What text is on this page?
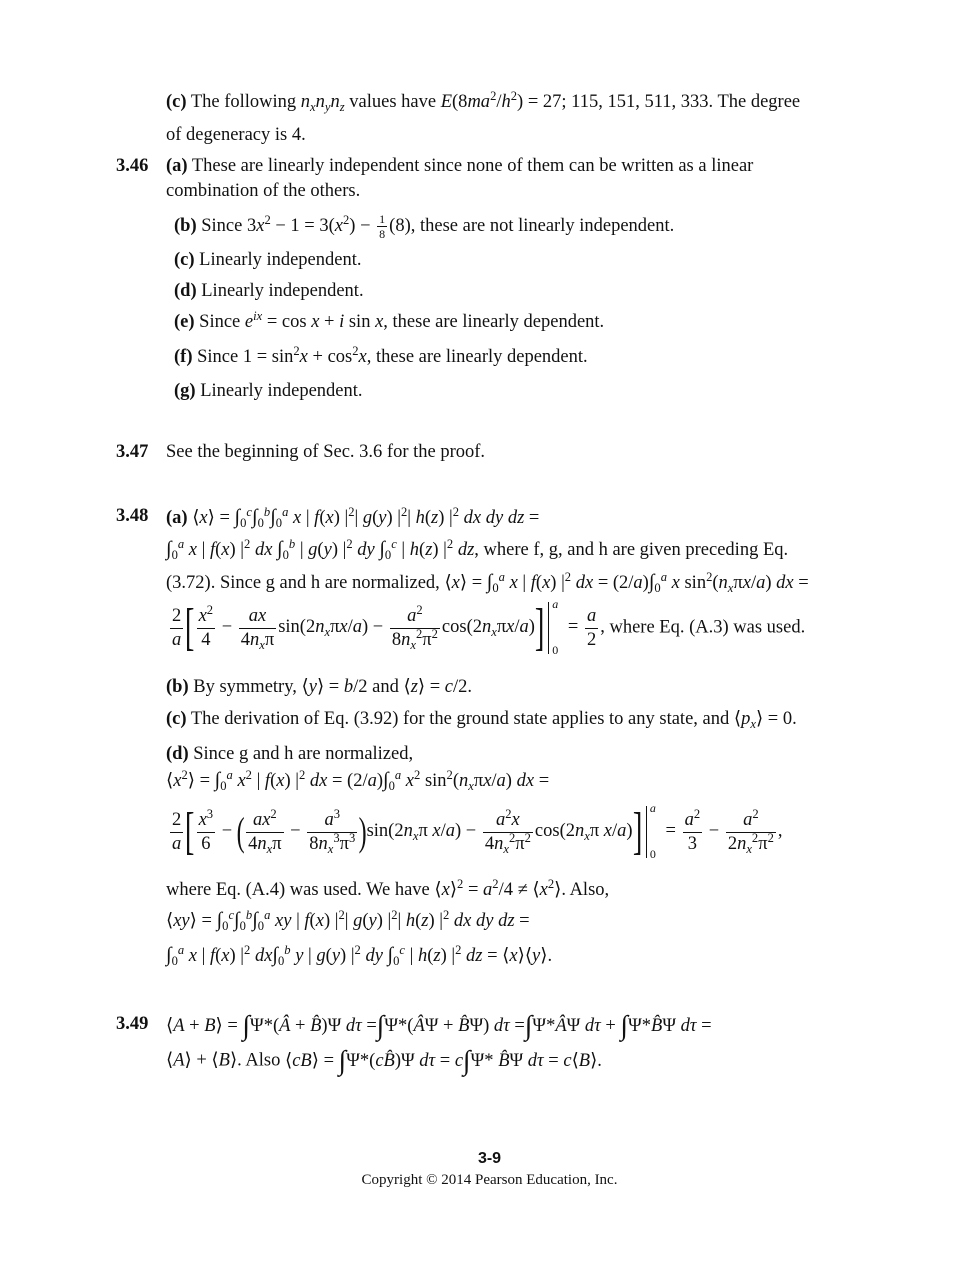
(c) The following $n_xn_yn_z$ values have $E(8ma^2/h^2) = 27$; 115, 151, 511, 333. The degree
of degeneracy is 4.
3.46 (a) These are linearly independent since none of them can be written as a linear
combination of the others.
(b) Since $3x^2 - 1 = 3(x^2) - \frac{1}{8} (8)$, these are not linearly independent.
(c) Linearly independent.
(d) Linearly independent.
(e) Since $e^{ix} = \cos x + i$ sin x, these are linearly dependent.
(f) Since $1 = \sin^2x + \cos^2x$, these are linearly dependent.
(g) Linearly independent.
3.47 See the beginning of Sec. 3.6 for the proof.
3.48 (a) ⟨x⟩ = $\int_0^c\int_0^b\int_0^a$ x | f(x) $|^2|$ g(y) $|^2|$ h(z) $|^2$ dx dy dz =
$\int_0^a$ x | f(x) $|^2$ dx $\int_0^b$ | g(y) $|^2$ dy $\int_0^c$ | h(z) $|^2$ dz, where f, g, and h are given preceding Eq.
(3.72). Since g and h are normalized, ⟨x⟩ = $\int_0^a$ x | f(x) $|^2$ dx = $(2/a)\int_0^a$ x $\sin^2(n_x\pi x/a)$ dx =
$\frac{2}{a}$ [ $\frac{x^2}{4} - \frac{ax}{4n_x\pi} \sin(2n_x\pi x/a) - \frac{a^2}{8n_x^2\pi^2} \cos(2n_x\pi x/a)$] a
0
= $\frac{a}{2}$ , where Eq. (A.3) was used.
(b) By symmetry, ⟨y⟩ = b/2 and ⟨z⟩ = c/2.
(c) The derivation of Eq. (3.92) for the ground state applies to any state, and $⟨p_x⟩ = 0$.
(d) Since g and h are normalized,
$⟨x^2⟩ = \int_0^a$ $x^2$ | f(x) $|^2$ dx = $(2/a)\int_0^a$ $x^2$ $\sin^2(n_x\pi x/a)$ dx =
$\frac{2}{a}$ [ $\frac{x^3}{6}$ − ( $\frac{ax^2}{4n_x\pi} - \frac{a^3}{8n_x^3\pi^3} )\sin(2n_x\pi$ $x/a) - \frac{a^2x}{4n_x^2\pi^2} \cos(2n_x\pi$ x/a)] a
0
= $\frac{a^2}{3} - \frac{a^2}{2n_x^2\pi^2}$ ,
where Eq. (A.4) was used. We have ⟨x⟩$^2$ = $a^2/4$ ≠ $⟨x^2⟩$. Also,
⟨xy⟩ = $\int_0^c\int_0^b\int_0^a$ xy | f(x) $|^2|$ g(y) $|^2|$ h(z) $|^2$ dx dy dz =
$\int_0^a$ x | f(x) $|^2$ $dx\int_0^b$ y | g(y) $|^2$ dy $\int_0^c$ | h(z) $|^2$ dz = ⟨x⟩⟨y⟩.
3.49 ⟨A + B⟩ = ∫Ψ*(Â + B̂)Ψ dτ =∫Ψ*(ÂΨ + B̂Ψ) dτ =∫Ψ*ÂΨ dτ + ∫Ψ*B̂Ψ dτ =
⟨A⟩ + ⟨B⟩. Also ⟨cB⟩ = ∫Ψ*(cB̂)Ψ dτ = c∫Ψ* B̂Ψ dτ = c⟨B⟩.
3-9
Copyright © 2014 Pearson Education, Inc.
